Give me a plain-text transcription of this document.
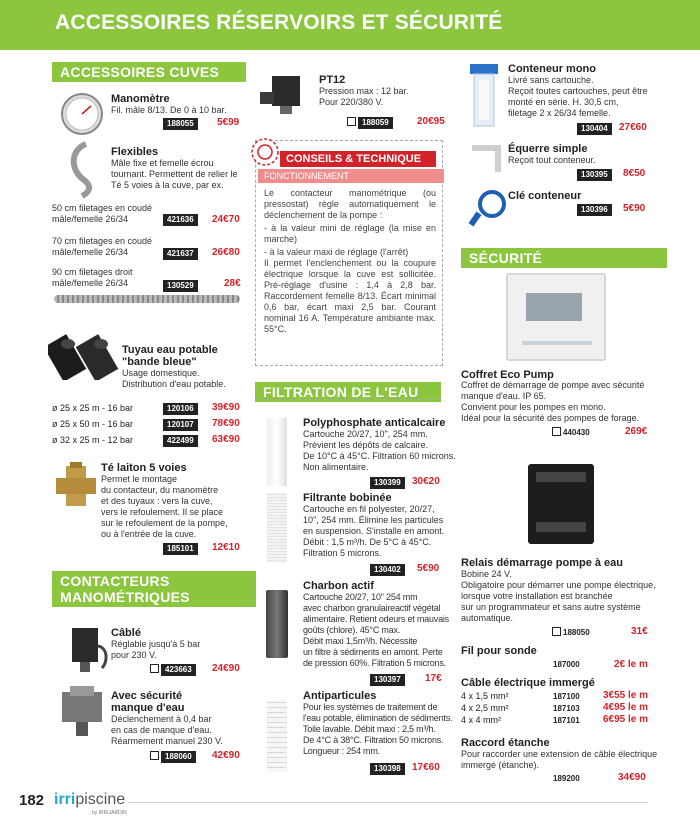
ACCESSOIRES RÉSERVOIRS ET SÉCURITÉ
ACCESSOIRES CUVES
Manomètre
Fil. mâle 8/13. De 0 à 10 bar.
188055	5€99
Flexibles
Mâle fixe et femelle écrou
tournant. Permettent de relier le
Té 5 voies à la cuve, par ex.
50 cm filetages en coudé
mâle/femelle 26/34	421636	24€70
70 cm filetages en coudé
mâle/femelle 26/34	421637	26€80
90 cm filetages droit
mâle/femelle 26/34	130529	28€
Tuyau eau potable
"bande bleue"
Usage domestique.
Distribution d'eau potable.
ø 25 x 25 m - 16 bar	120106	39€90
ø 25 x 50 m - 16 bar	120107	78€90
ø 32 x 25 m - 12 bar	422499	63€90
Té laiton 5 voies
Permet le montage
du contacteur, du manomètre
et des tuyaux : vers la cuve,
vers le refoulement. Il se place
sur le refoulement de la pompe,
ou à l'entrée de la cuve.
185101	12€10
CONTACTEURS
MANOMÉTRIQUES
Câblé
Réglable jusqu'à 5 bar
pour 230 V.
423663	24€90
Avec sécurité
manque d'eau
Déclenchement à 0,4 bar
en cas de manque d'eau.
Réarmement manuel 230 V.
188060	42€90
PT12
Pression max : 12 bar.
Pour 220/380 V.
188059	20€95
CONSEILS & TECHNIQUE
FONCTIONNEMENT
Le contacteur manométrique (ou pressostat) règle automatiquement le déclenchement de la pompe :
- à la valeur mini de réglage (la mise en marche)
- à la valeur maxi de réglage (l'arrêt)
Il permet l'enclenchement ou la coupure électrique lorsque la cuve est sollicitée. Pré-réglage d'usine : 1,4 à 2,8 bar. Raccordement femelle 8/13. Écart minimal 0,6 bar, écart maxi 2,5 bar. Courant nominal 16 A. Température ambiante max. 55°C.
FILTRATION DE L'EAU
Polyphosphate anticalcaire
Cartouche 20/27, 10", 254 mm.
Prévient les dépôts de calcaire.
De 10°C à 45°C. Filtration 60 microns.
Non alimentaire.
130399	30€20
Filtrante bobinée
Cartouche en fil polyester, 20/27,
10", 254 mm. Élimine les particules
en suspension. S'installe en amont.
Débit : 1,5 m³/h. De 5°C à 45°C.
Filtration 5 microns.
130402	5€90
Charbon actif
Cartouche 20/27, 10" 254 mm
avec charbon granulaireactif végétal
alimentaire. Retient odeurs et mauvais
goûts (chlore). 45°C max.
Débit maxi 1,5m³/h. Nécessite
un filtre à sédiments en amont. Perte
de pression 60%. Filtration 5 microns.
130397	17€
Antiparticules
Pour les systèmes de traitement de
l'eau potable, élimination de sédiments.
Toile lavable. Débit maxi : 2,5 m³/h.
De 4°C à 38°C. Filtration 50 microns.
Longueur : 254 mm.
130398	17€60
Conteneur mono
Livré sans cartouche.
Reçoit toutes cartouches, peut être
monté en série. H. 30,5 cm,
filetage 2 x 26/34 femelle.
130404	27€60
Équerre simple
Reçoit tout conteneur.
130395	8€50
Clé conteneur
130396	5€90
SÉCURITÉ
Coffret Eco Pump
Coffret de démarrage de pompe avec sécurité
manque d'eau. IP 65.
Convient pour les pompes en mono.
Idéal pour la sécurité des pompes de forage.
440430	269€
Relais démarrage pompe à eau
Bobine 24 V.
Obligatoire pour démarrer une pompe électrique,
lorsque votre installation est branchée
sur un programmateur et sans autre système
automatique.
188050	31€
Fil pour sonde
187000	2€ le m
Câble électrique immergé
4 x 1,5 mm²	187100 3€55 le m
4 x 2,5 mm²	187103 4€95 le m
4 x 4 mm²	187101 6€95 le m
Raccord étanche
Pour raccorder une extension de câble électrique
immergé (étanche).
189200	34€90
182 irripiscine
by IRRIJARDIN
